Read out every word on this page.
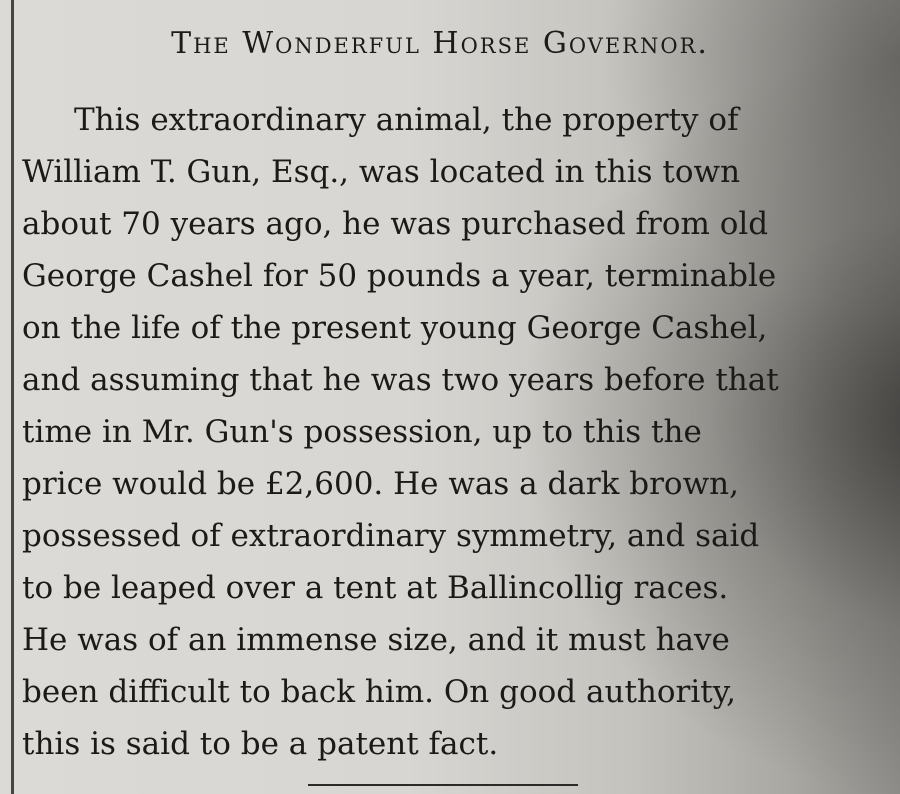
The Wonderful Horse Governor.
This extraordinary animal, the property of
William T. Gun, Esq., was located in this town
about 70 years ago, he was purchased from old
George Cashel for 50 pounds a year, terminable
on the life of the present young George Cashel,
and assuming that he was two years before that
time in Mr. Gun's possession, up to this the
price would be £2,600. He was a dark brown,
possessed of extraordinary symmetry, and said
to be leaped over a tent at Ballincollig races.
He was of an immense size, and it must have
been difficult to back him. On good authority,
this is said to be a patent fact.
